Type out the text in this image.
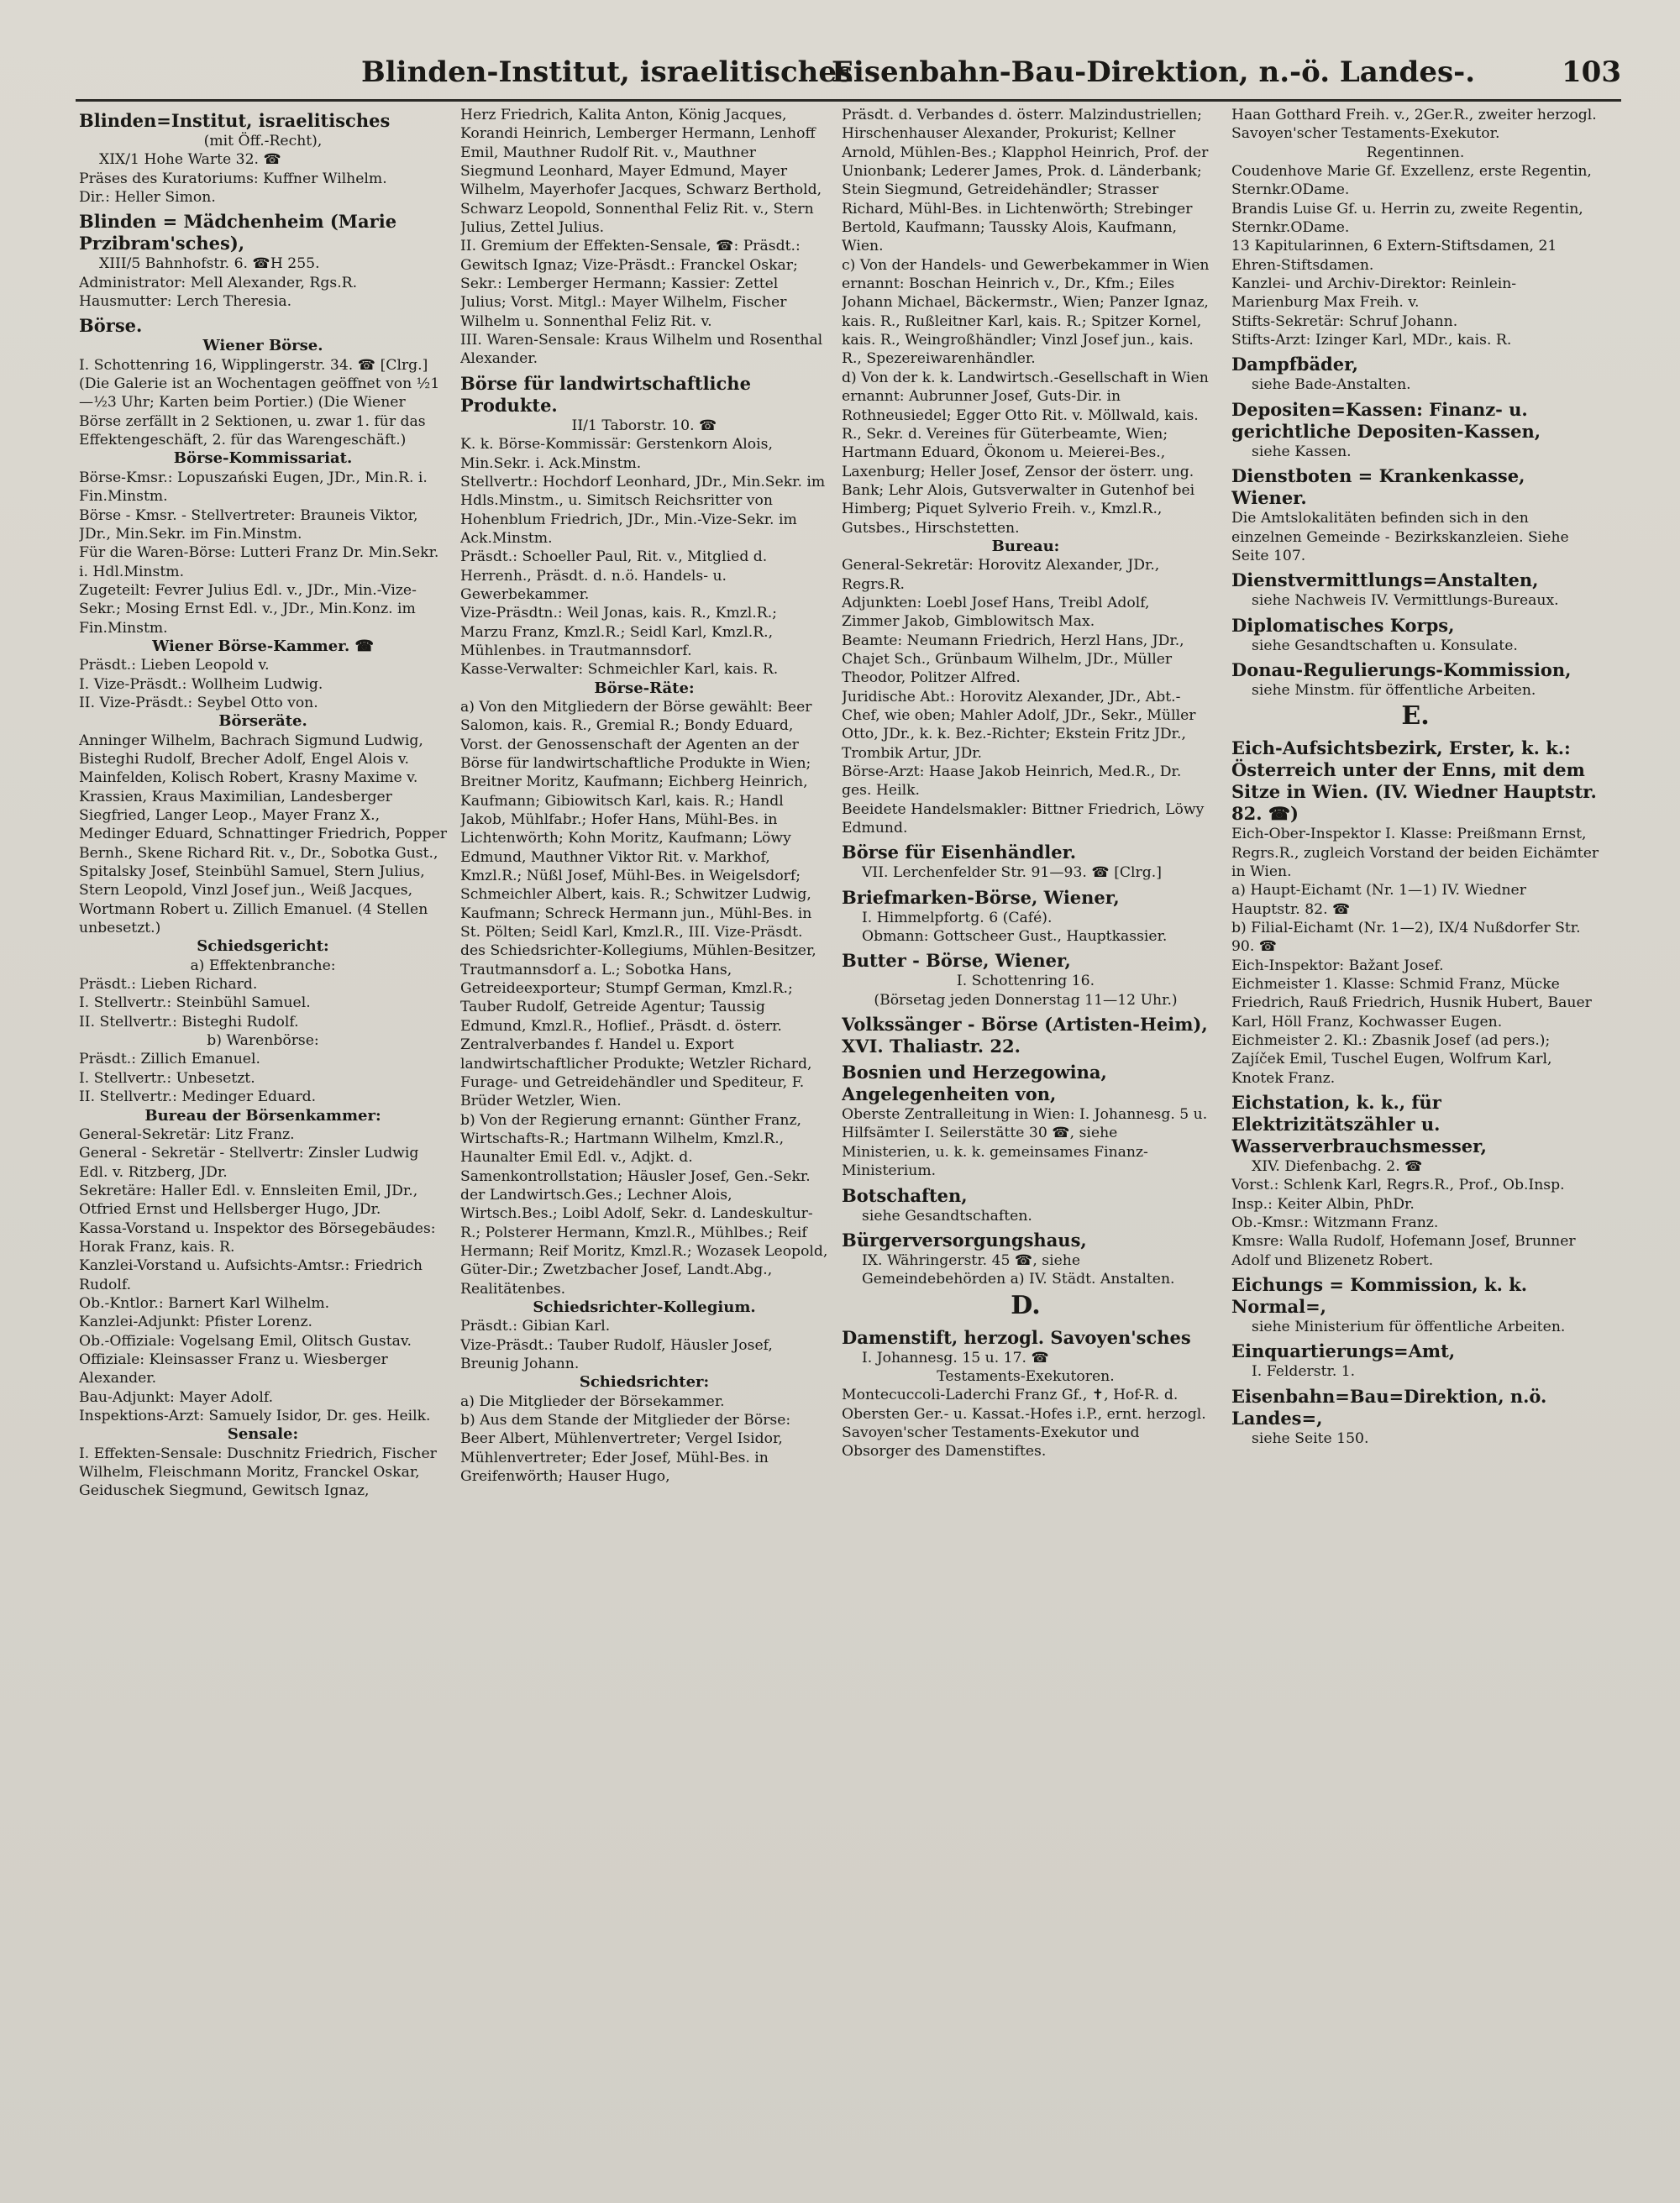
Blinden-Institut, israelitisches
Eisenbahn-Bau-Direktion, n.-ö. Landes-.	103
Blinden=Institut, israelitisches
(mit Öff.-Recht),
XIX/1 Hohe Warte 32. ☎
Präses des Kuratoriums: Kuffner Wilhelm.
Dir.: Heller Simon.
Blinden = Mädchenheim (Marie Przibram'sches),
XIII/5 Bahnhofstr. 6. ☎H 255.
Administrator: Mell Alexander, Rgs.R.
Hausmutter: Lerch Theresia.
Börse.
Wiener Börse.
I. Schottenring 16, Wipplingerstr. 34. ☎ [Clrg.] (Die Galerie ist an Wochentagen geöffnet von ½1—½3 Uhr; Karten beim Portier.) (Die Wiener Börse zerfällt in 2 Sektionen, u. zwar 1. für das Effektengeschäft, 2. für das Warengeschäft.)
Börse-Kommissariat.
Börse-Kmsr.: Lopuszański Eugen, JDr., Min.R. i. Fin.Minstm.
Börse - Kmsr. - Stellvertreter: Brauneis Viktor, JDr., Min.Sekr. im Fin.Minstm.
Für die Waren-Börse: Lutteri Franz Dr. Min.Sekr. i. Hdl.Minstm.
Zugeteilt: Fevrer Julius Edl. v., JDr., Min.-Vize-Sekr.; Mosing Ernst Edl. v., JDr., Min.Konz. im Fin.Minstm.
Wiener Börse-Kammer. ☎
Präsdt.: Lieben Leopold v.
I. Vize-Präsdt.: Wollheim Ludwig.
II. Vize-Präsdt.: Seybel Otto von.
Börseräte.
Anninger Wilhelm, Bachrach Sigmund Ludwig, Bisteghi Rudolf, Brecher Adolf, Engel Alois v. Mainfelden, Kolisch Robert, Krasny Maxime v. Krassien, Kraus Maximilian, Landesberger Siegfried, Langer Leop., Mayer Franz X., Medinger Eduard, Schnattinger Friedrich, Popper Bernh., Skene Richard Rit. v., Dr., Sobotka Gust., Spitalsky Josef, Steinbühl Samuel, Stern Julius, Stern Leopold, Vinzl Josef jun., Weiß Jacques, Wortmann Robert u. Zillich Emanuel. (4 Stellen unbesetzt.)
Schiedsgericht:
a) Effektenbranche:
Präsdt.: Lieben Richard.
I. Stellvertr.: Steinbühl Samuel.
II. Stellvertr.: Bisteghi Rudolf.
b) Warenbörse:
Präsdt.: Zillich Emanuel.
I. Stellvertr.: Unbesetzt.
II. Stellvertr.: Medinger Eduard.
Bureau der Börsenkammer:
General-Sekretär: Litz Franz.
General - Sekretär - Stellvertr: Zinsler Ludwig Edl. v. Ritzberg, JDr.
Sekretäre: Haller Edl. v. Ennsleiten Emil, JDr., Otfried Ernst und Hellsberger Hugo, JDr.
Kassa-Vorstand u. Inspektor des Börsegebäudes: Horak Franz, kais. R.
Kanzlei-Vorstand u. Aufsichts-Amtsr.: Friedrich Rudolf.
Ob.-Kntlor.: Barnert Karl Wilhelm.
Kanzlei-Adjunkt: Pfister Lorenz.
Ob.-Offiziale: Vogelsang Emil, Olitsch Gustav.
Offiziale: Kleinsasser Franz u. Wiesberger Alexander.
Bau-Adjunkt: Mayer Adolf.
Inspektions-Arzt: Samuely Isidor, Dr. ges. Heilk.
Sensale:
I. Effekten-Sensale: Duschnitz Friedrich, Fischer Wilhelm, Fleischmann Moritz, Franckel Oskar, Geiduschek Siegmund, Gewitsch Ignaz,
Herz Friedrich, Kalita Anton, König Jacques, Korandi Heinrich, Lemberger Hermann, Lenhoff Emil, Mauthner Rudolf Rit. v., Mauthner Siegmund Leonhard, Mayer Edmund, Mayer Wilhelm, Mayerhofer Jacques, Schwarz Berthold, Schwarz Leopold, Sonnenthal Feliz Rit. v., Stern Julius, Zettel Julius.
II. Gremium der Effekten-Sensale, ☎: Präsdt.: Gewitsch Ignaz; Vize-Präsdt.: Franckel Oskar; Sekr.: Lemberger Hermann; Kassier: Zettel Julius; Vorst. Mitgl.: Mayer Wilhelm, Fischer Wilhelm u. Sonnenthal Feliz Rit. v.
III. Waren-Sensale: Kraus Wilhelm und Rosenthal Alexander.
Börse für landwirtschaftliche Produkte.
II/1 Taborstr. 10. ☎
K. k. Börse-Kommissär: Gerstenkorn Alois, Min.Sekr. i. Ack.Minstm.
Stellvertr.: Hochdorf Leonhard, JDr., Min.Sekr. im Hdls.Minstm., u. Simitsch Reichsritter von Hohenblum Friedrich, JDr., Min.-Vize-Sekr. im Ack.Minstm.
Präsdt.: Schoeller Paul, Rit. v., Mitglied d. Herrenh., Präsdt. d. n.ö. Handels- u. Gewerbekammer.
Vize-Präsdtn.: Weil Jonas, kais. R., Kmzl.R.; Marzu Franz, Kmzl.R.; Seidl Karl, Kmzl.R., Mühlenbes. in Trautmannsdorf.
Kasse-Verwalter: Schmeichler Karl, kais. R.
Börse-Räte:
a) Von den Mitgliedern der Börse gewählt: Beer Salomon, kais. R., Gremial R.; Bondy Eduard, Vorst. der Genossenschaft der Agenten an der Börse für landwirtschaftliche Produkte in Wien; Breitner Moritz, Kaufmann; Eichberg Heinrich, Kaufmann; Gibiowitsch Karl, kais. R.; Handl Jakob, Mühlfabr.; Hofer Hans, Mühl-Bes. in Lichtenwörth; Kohn Moritz, Kaufmann; Löwy Edmund, Mauthner Viktor Rit. v. Markhof, Kmzl.R.; Nüßl Josef, Mühl-Bes. in Weigelsdorf; Schmeichler Albert, kais. R.; Schwitzer Ludwig, Kaufmann; Schreck Hermann jun., Mühl-Bes. in St. Pölten; Seidl Karl, Kmzl.R., III. Vize-Präsdt. des Schiedsrichter-Kollegiums, Mühlen-Besitzer, Trautmannsdorf a. L.; Sobotka Hans, Getreideexporteur; Stumpf German, Kmzl.R.; Tauber Rudolf, Getreide Agentur; Taussig Edmund, Kmzl.R., Hoflief., Präsdt. d. österr. Zentralverbandes f. Handel u. Export landwirtschaftlicher Produkte; Wetzler Richard, Furage- und Getreidehändler und Spediteur, F. Brüder Wetzler, Wien.
b) Von der Regierung ernannt: Günther Franz, Wirtschafts-R.; Hartmann Wilhelm, Kmzl.R., Haunalter Emil Edl. v., Adjkt. d. Samenkontrollstation; Häusler Josef, Gen.-Sekr. der Landwirtsch.Ges.; Lechner Alois, Wirtsch.Bes.; Loibl Adolf, Sekr. d. Landeskultur-R.; Polsterer Hermann, Kmzl.R., Mühlbes.; Reif Hermann; Reif Moritz, Kmzl.R.; Wozasek Leopold, Güter-Dir.; Zwetzbacher Josef, Landt.Abg., Realitätenbes.
Schiedsrichter-Kollegium.
Präsdt.: Gibian Karl.
Vize-Präsdt.: Tauber Rudolf, Häusler Josef, Breunig Johann.
Schiedsrichter:
a) Die Mitglieder der Börsekammer.
b) Aus dem Stande der Mitglieder der Börse: Beer Albert, Mühlenvertreter; Vergel Isidor, Mühlenvertreter; Eder Josef, Mühl-Bes. in Greifenwörth; Hauser Hugo,
Präsdt. d. Verbandes d. österr. Malzindustriellen; Hirschenhauser Alexander, Prokurist; Kellner Arnold, Mühlen-Bes.; Klapphol Heinrich, Prof. der Unionbank; Lederer James, Prok. d. Länderbank; Stein Siegmund, Getreidehändler; Strasser Richard, Mühl-Bes. in Lichtenwörth; Strebinger Bertold, Kaufmann; Taussky Alois, Kaufmann, Wien.
c) Von der Handels- und Gewerbekammer in Wien ernannt: Boschan Heinrich v., Dr., Kfm.; Eiles Johann Michael, Bäckermstr., Wien; Panzer Ignaz, kais. R., Rußleitner Karl, kais. R.; Spitzer Kornel, kais. R., Weingroßhändler; Vinzl Josef jun., kais. R., Spezereiwarenhändler.
d) Von der k. k. Landwirtsch.-Gesellschaft in Wien ernannt: Aubrunner Josef, Guts-Dir. in Rothneusiedel; Egger Otto Rit. v. Möllwald, kais. R., Sekr. d. Vereines für Güterbeamte, Wien; Hartmann Eduard, Ökonom u. Meierei-Bes., Laxenburg; Heller Josef, Zensor der österr. ung. Bank; Lehr Alois, Gutsverwalter in Gutenhof bei Himberg; Piquet Sylverio Freih. v., Kmzl.R., Gutsbes., Hirschstetten.
Bureau:
General-Sekretär: Horovitz Alexander, JDr., Regrs.R.
Adjunkten: Loebl Josef Hans, Treibl Adolf, Zimmer Jakob, Gimblowitsch Max.
Beamte: Neumann Friedrich, Herzl Hans, JDr., Chajet Sch., Grünbaum Wilhelm, JDr., Müller Theodor, Politzer Alfred.
Juridische Abt.: Horovitz Alexander, JDr., Abt.-Chef, wie oben; Mahler Adolf, JDr., Sekr., Müller Otto, JDr., k. k. Bez.-Richter; Ekstein Fritz JDr., Trombik Artur, JDr.
Börse-Arzt: Haase Jakob Heinrich, Med.R., Dr. ges. Heilk.
Beeidete Handelsmakler: Bittner Friedrich, Löwy Edmund.
Börse für Eisenhändler.
VII. Lerchenfelder Str. 91—93. ☎ [Clrg.]
Briefmarken-Börse, Wiener,
I. Himmelpfortg. 6 (Café).
Obmann: Gottscheer Gust., Hauptkassier.
Butter - Börse, Wiener,
I. Schottenring 16.
(Börsetag jeden Donnerstag 11—12 Uhr.)
Volkssänger - Börse (Artisten-Heim), XVI. Thaliastr. 22.
Bosnien und Herzegowina, Angelegenheiten von,
Oberste Zentralleitung in Wien: I. Johannesg. 5 u. Hilfsämter I. Seilerstätte 30 ☎, siehe Ministerien, u. k. k. gemeinsames Finanz-Ministerium.
Botschaften,
siehe Gesandtschaften.
Bürgerversorgungshaus,
IX. Währingerstr. 45 ☎, siehe Gemeindebehörden a) IV. Städt. Anstalten.
D.
Damenstift, herzogl. Savoyen'sches
I. Johannesg. 15 u. 17. ☎
Testaments-Exekutoren.
Montecuccoli-Laderchi Franz Gf., ✝, Hof-R. d. Obersten Ger.- u. Kassat.-Hofes i.P., ernt. herzogl. Savoyen'scher Testaments-Exekutor und Obsorger des Damenstiftes.
Haan Gotthard Freih. v., 2Ger.R., zweiter herzogl. Savoyen'scher Testaments-Exekutor.
Regentinnen.
Coudenhove Marie Gf. Exzellenz, erste Regentin, Sternkr.ODame.
Brandis Luise Gf. u. Herrin zu, zweite Regentin, Sternkr.ODame.
13 Kapitularinnen, 6 Extern-Stiftsdamen, 21 Ehren-Stiftsdamen.
Kanzlei- und Archiv-Direktor: Reinlein-Marienburg Max Freih. v.
Stifts-Sekretär: Schruf Johann.
Stifts-Arzt: Izinger Karl, MDr., kais. R.
Dampfbäder,
siehe Bade-Anstalten.
Depositen=Kassen: Finanz- u. gerichtliche Depositen-Kassen,
siehe Kassen.
Dienstboten = Krankenkasse, Wiener.
Die Amtslokalitäten befinden sich in den einzelnen Gemeinde - Bezirkskanzleien. Siehe Seite 107.
Dienstvermittlungs=Anstalten,
siehe Nachweis IV. Vermittlungs-Bureaux.
Diplomatisches Korps,
siehe Gesandtschaften u. Konsulate.
Donau-Regulierungs-Kommission,
siehe Minstm. für öffentliche Arbeiten.
E.
Eich-Aufsichtsbezirk, Erster, k. k.: Österreich unter der Enns, mit dem Sitze in Wien. (IV. Wiedner Hauptstr. 82. ☎)
Eich-Ober-Inspektor I. Klasse: Preißmann Ernst, Regrs.R., zugleich Vorstand der beiden Eichämter in Wien.
a) Haupt-Eichamt (Nr. 1—1) IV. Wiedner Hauptstr. 82. ☎
b) Filial-Eichamt (Nr. 1—2), IX/4 Nußdorfer Str. 90. ☎
Eich-Inspektor: Bažant Josef.
Eichmeister 1. Klasse: Schmid Franz, Mücke Friedrich, Rauß Friedrich, Husnik Hubert, Bauer Karl, Höll Franz, Kochwasser Eugen.
Eichmeister 2. Kl.: Zbasnik Josef (ad pers.); Zajíček Emil, Tuschel Eugen, Wolfrum Karl, Knotek Franz.
Eichstation, k. k., für Elektrizitätszähler u. Wasserverbrauchsmesser,
XIV. Diefenbachg. 2. ☎
Vorst.: Schlenk Karl, Regrs.R., Prof., Ob.Insp.
Insp.: Keiter Albin, PhDr.
Ob.-Kmsr.: Witzmann Franz.
Kmsre: Walla Rudolf, Hofemann Josef, Brunner Adolf und Blizenetz Robert.
Eichungs = Kommission, k. k. Normal=,
siehe Ministerium für öffentliche Arbeiten.
Einquartierungs=Amt,
I. Felderstr. 1.
Eisenbahn=Bau=Direktion, n.ö. Landes=,
siehe Seite 150.
